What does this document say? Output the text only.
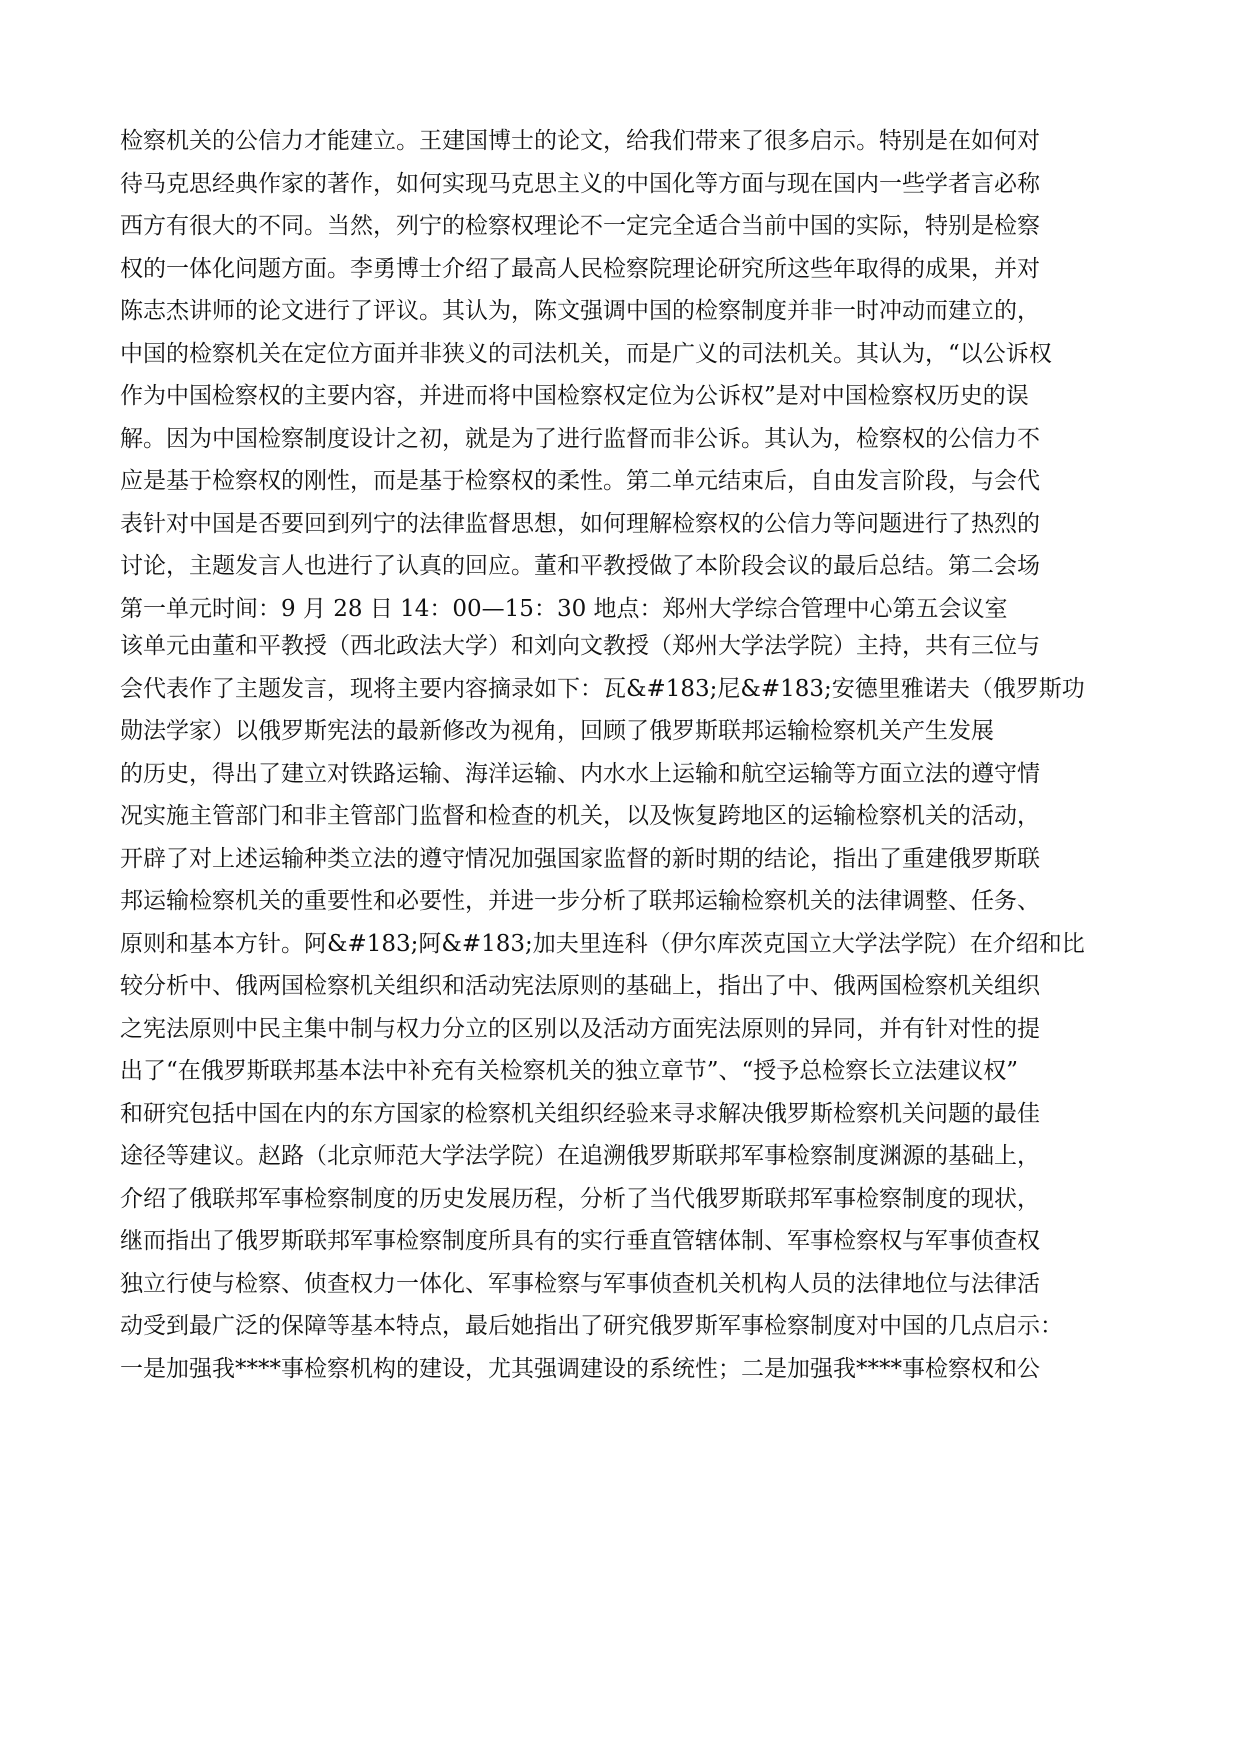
检察机关的公信力才能建立。王建国博士的论文，给我们带来了很多启示。特别是在如何对
待马克思经典作家的著作，如何实现马克思主义的中国化等方面与现在国内一些学者言必称
西方有很大的不同。当然，列宁的检察权理论不一定完全适合当前中国的实际，特别是检察
权的一体化问题方面。李勇博士介绍了最高人民检察院理论研究所这些年取得的成果，并对
陈志杰讲师的论文进行了评议。其认为，陈文强调中国的检察制度并非一时冲动而建立的，
中国的检察机关在定位方面并非狭义的司法机关，而是广义的司法机关。其认为，“以公诉权
作为中国检察权的主要内容，并进而将中国检察权定位为公诉权”是对中国检察权历史的误
解。因为中国检察制度设计之初，就是为了进行监督而非公诉。其认为，检察权的公信力不
应是基于检察权的刚性，而是基于检察权的柔性。第二单元结束后，自由发言阶段，与会代
表针对中国是否要回到列宁的法律监督思想，如何理解检察权的公信力等问题进行了热烈的
讨论，主题发言人也进行了认真的回应。董和平教授做了本阶段会议的最后总结。第二会场
第一单元时间：9 月 28 日 14：00—15：30 地点：郑州大学综合管理中心第五会议室
该单元由董和平教授（西北政法大学）和刘向文教授（郑州大学法学院）主持，共有三位与
会代表作了主题发言，现将主要内容摘录如下：瓦&#183;尼&#183;安德里雅诺夫（俄罗斯功
勋法学家）以俄罗斯宪法的最新修改为视角，回顾了俄罗斯联邦运输检察机关产生发展
的历史，得出了建立对铁路运输、海洋运输、内水水上运输和航空运输等方面立法的遵守情
况实施主管部门和非主管部门监督和检查的机关，以及恢复跨地区的运输检察机关的活动，
开辟了对上述运输种类立法的遵守情况加强国家监督的新时期的结论，指出了重建俄罗斯联
邦运输检察机关的重要性和必要性，并进一步分析了联邦运输检察机关的法律调整、任务、
原则和基本方针。阿&#183;阿&#183;加夫里连科（伊尔库茨克国立大学法学院）在介绍和比
较分析中、俄两国检察机关组织和活动宪法原则的基础上，指出了中、俄两国检察机关组织
之宪法原则中民主集中制与权力分立的区别以及活动方面宪法原则的异同，并有针对性的提
出了“在俄罗斯联邦基本法中补充有关检察机关的独立章节”、“授予总检察长立法建议权”
和研究包括中国在内的东方国家的检察机关组织经验来寻求解决俄罗斯检察机关问题的最佳
途径等建议。赵路（北京师范大学法学院）在追溯俄罗斯联邦军事检察制度渊源的基础上，
介绍了俄联邦军事检察制度的历史发展历程，分析了当代俄罗斯联邦军事检察制度的现状，
继而指出了俄罗斯联邦军事检察制度所具有的实行垂直管辖体制、军事检察权与军事侦查权
独立行使与检察、侦查权力一体化、军事检察与军事侦查机关机构人员的法律地位与法律活
动受到最广泛的保障等基本特点，最后她指出了研究俄罗斯军事检察制度对中国的几点启示：
一是加强我****事检察机构的建设，尤其强调建设的系统性；二是加强我****事检察权和公
